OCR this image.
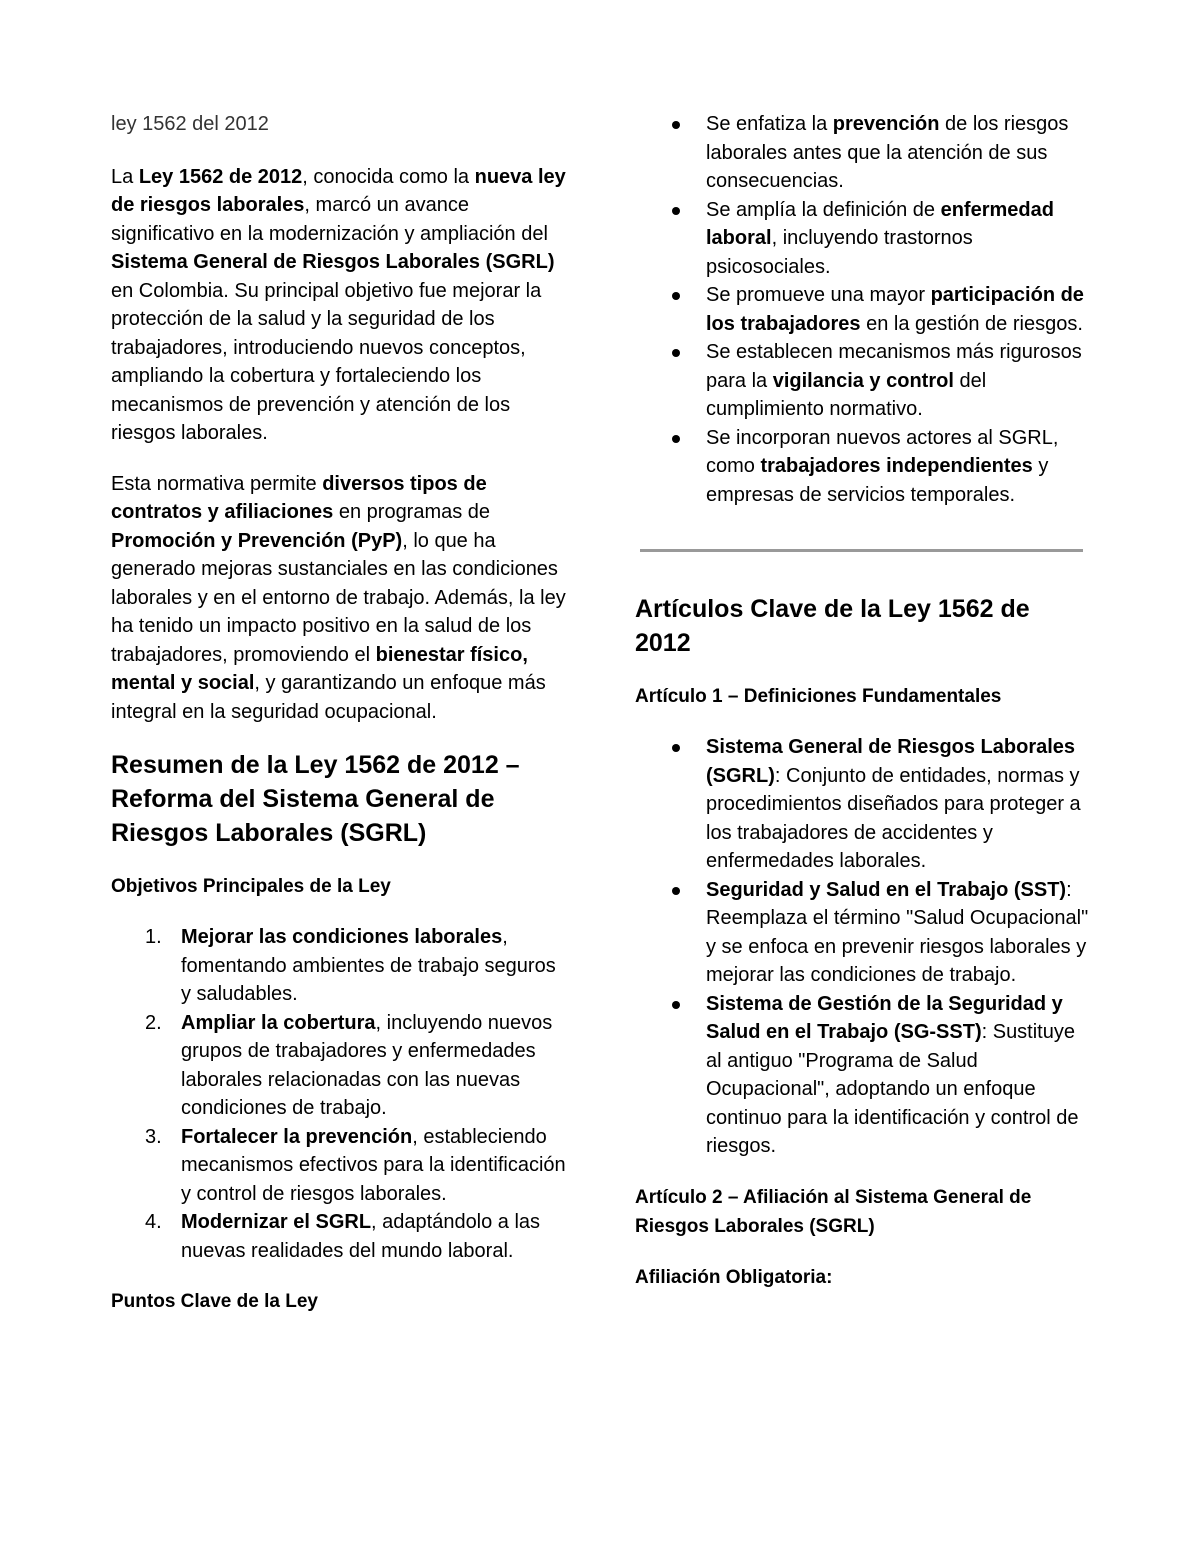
ley 1562 del 2012

La Ley 1562 de 2012, conocida como la nueva ley de riesgos laborales, marcó un avance significativo en la modernización y ampliación del Sistema General de Riesgos Laborales (SGRL) en Colombia. Su principal objetivo fue mejorar la protección de la salud y la seguridad de los trabajadores, introduciendo nuevos conceptos, ampliando la cobertura y fortaleciendo los mecanismos de prevención y atención de los riesgos laborales.

Esta normativa permite diversos tipos de contratos y afiliaciones en programas de Promoción y Prevención (PyP), lo que ha generado mejoras sustanciales en las condiciones laborales y en el entorno de trabajo. Además, la ley ha tenido un impacto positivo en la salud de los trabajadores, promoviendo el bienestar físico, mental y social, y garantizando un enfoque más integral en la seguridad ocupacional.

Resumen de la Ley 1562 de 2012 – Reforma del Sistema General de Riesgos Laborales (SGRL)
Objetivos Principales de la Ley
1. Mejorar las condiciones laborales, fomentando ambientes de trabajo seguros y saludables.
2. Ampliar la cobertura, incluyendo nuevos grupos de trabajadores y enfermedades laborales relacionadas con las nuevas condiciones de trabajo.
3. Fortalecer la prevención, estableciendo mecanismos efectivos para la identificación y control de riesgos laborales.
4. Modernizar el SGRL, adaptándolo a las nuevas realidades del mundo laboral.
Puntos Clave de la Ley
Se enfatiza la prevención de los riesgos laborales antes que la atención de sus consecuencias.
Se amplía la definición de enfermedad laboral, incluyendo trastornos psicosociales.
Se promueve una mayor participación de los trabajadores en la gestión de riesgos.
Se establecen mecanismos más rigurosos para la vigilancia y control del cumplimiento normativo.
Se incorporan nuevos actores al SGRL, como trabajadores independientes y empresas de servicios temporales.
Artículos Clave de la Ley 1562 de 2012
Artículo 1 – Definiciones Fundamentales
Sistema General de Riesgos Laborales (SGRL): Conjunto de entidades, normas y procedimientos diseñados para proteger a los trabajadores de accidentes y enfermedades laborales.
Seguridad y Salud en el Trabajo (SST): Reemplaza el término "Salud Ocupacional" y se enfoca en prevenir riesgos laborales y mejorar las condiciones de trabajo.
Sistema de Gestión de la Seguridad y Salud en el Trabajo (SG-SST): Sustituye al antiguo "Programa de Salud Ocupacional", adoptando un enfoque continuo para la identificación y control de riesgos.
Artículo 2 – Afiliación al Sistema General de Riesgos Laborales (SGRL)
Afiliación Obligatoria:
